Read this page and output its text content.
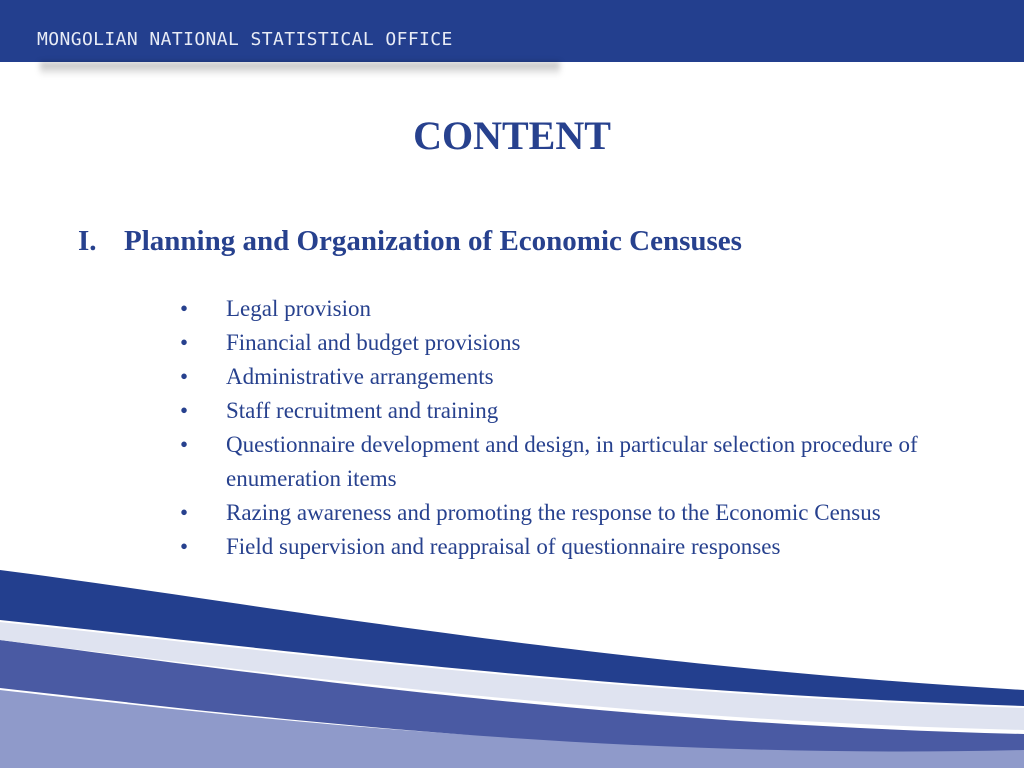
MONGOLIAN NATIONAL STATISTICAL OFFICE
CONTENT
I. Planning and Organization of Economic Censuses
• Legal provision
• Financial and budget provisions
• Administrative arrangements
• Staff recruitment and training
• Questionnaire development and design, in particular selection procedure of enumeration items
• Razing awareness and promoting the response to the Economic Census
• Field supervision and reappraisal of questionnaire responses
